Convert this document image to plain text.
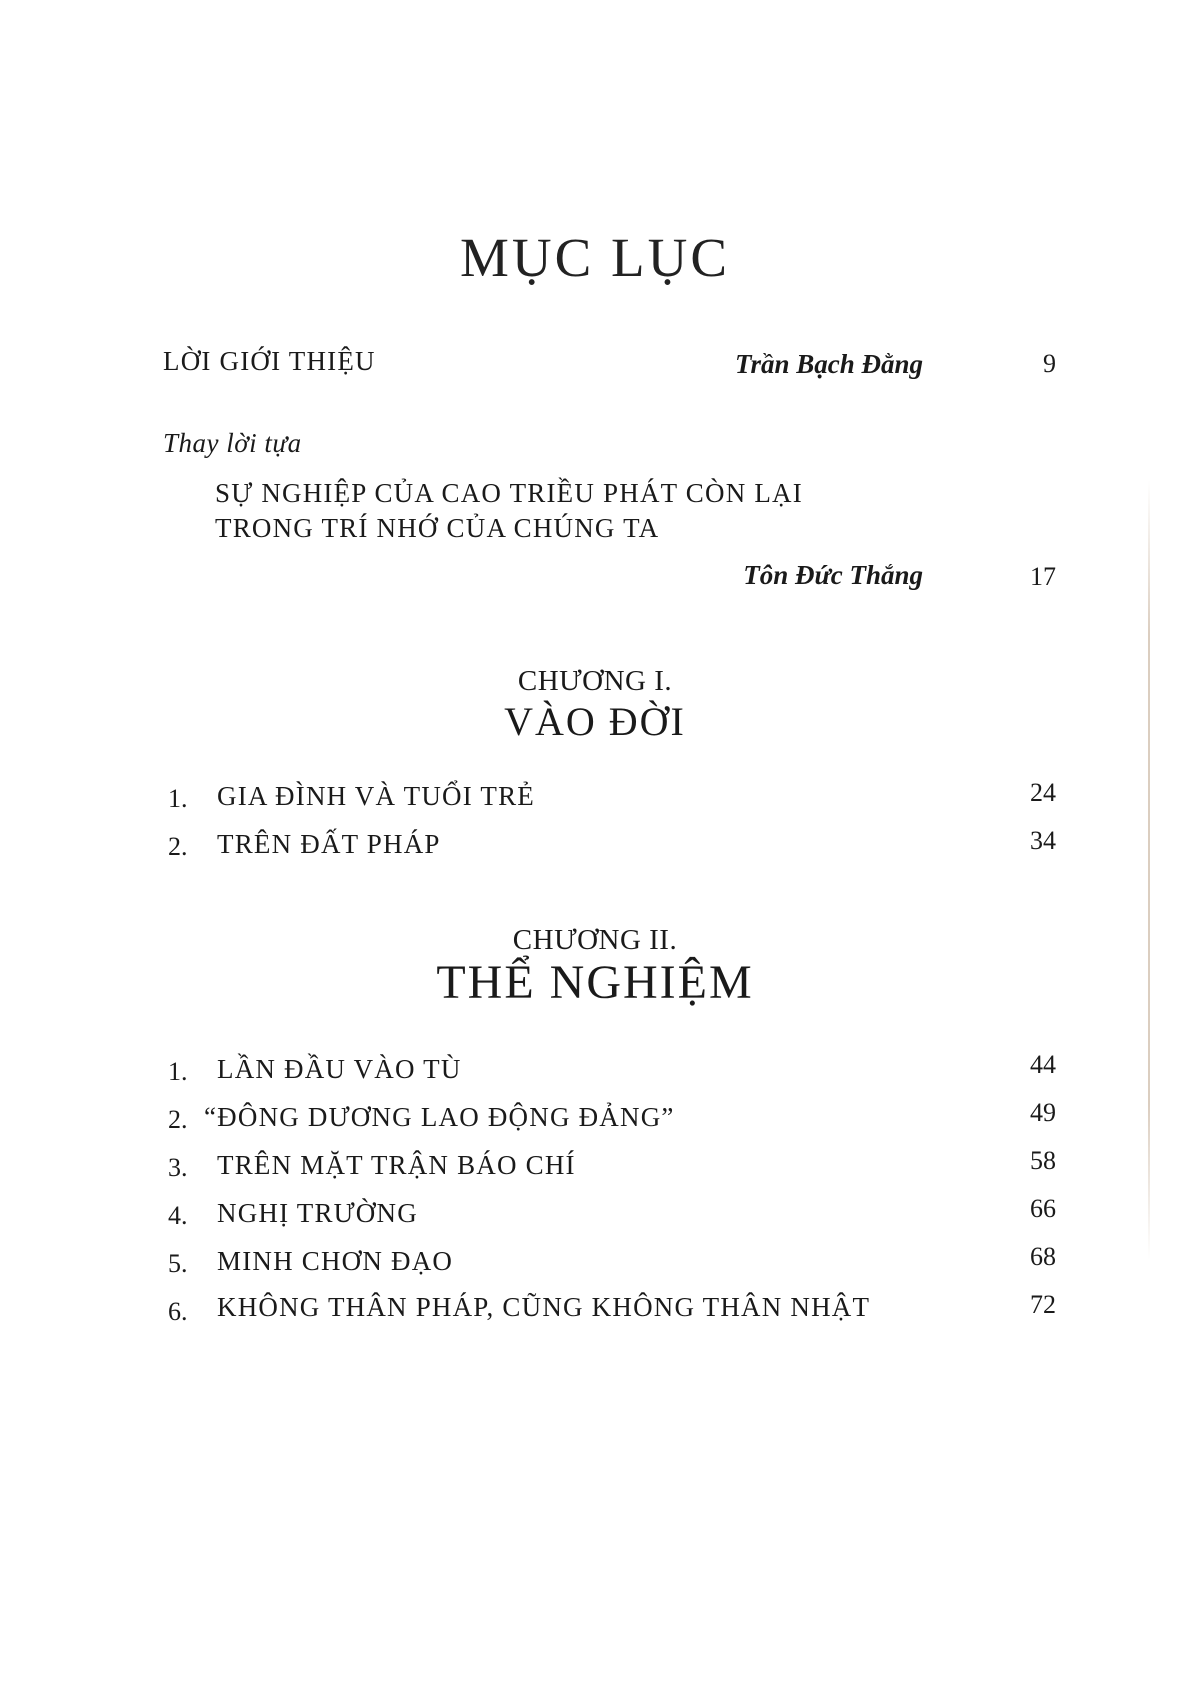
MỤC LỤC
LỜI GIỚI THIỆU	Trần Bạch Đằng	9
Thay lời tựa
SỰ NGHIỆP CỦA CAO TRIỀU PHÁT CÒN LẠI
TRONG TRÍ NHỚ CỦA CHÚNG TA
Tôn Đức Thắng	17
CHƯƠNG I.
VÀO ĐỜI
1.	GIA ĐÌNH VÀ TUỔI TRẺ	24
2.	TRÊN ĐẤT PHÁP	34
CHƯƠNG II.
THỂ NGHIỆM
1.	LẦN ĐẦU VÀO TÙ	44
2. “ĐÔNG DƯƠNG LAO ĐỘNG ĐẢNG”	49
3.	TRÊN MẶT TRẬN BÁO CHÍ	58
4.	NGHỊ TRƯỜNG	66
5.	MINH CHƠN ĐẠO	68
6.	KHÔNG THÂN PHÁP, CŨNG KHÔNG THÂN NHẬT	72
